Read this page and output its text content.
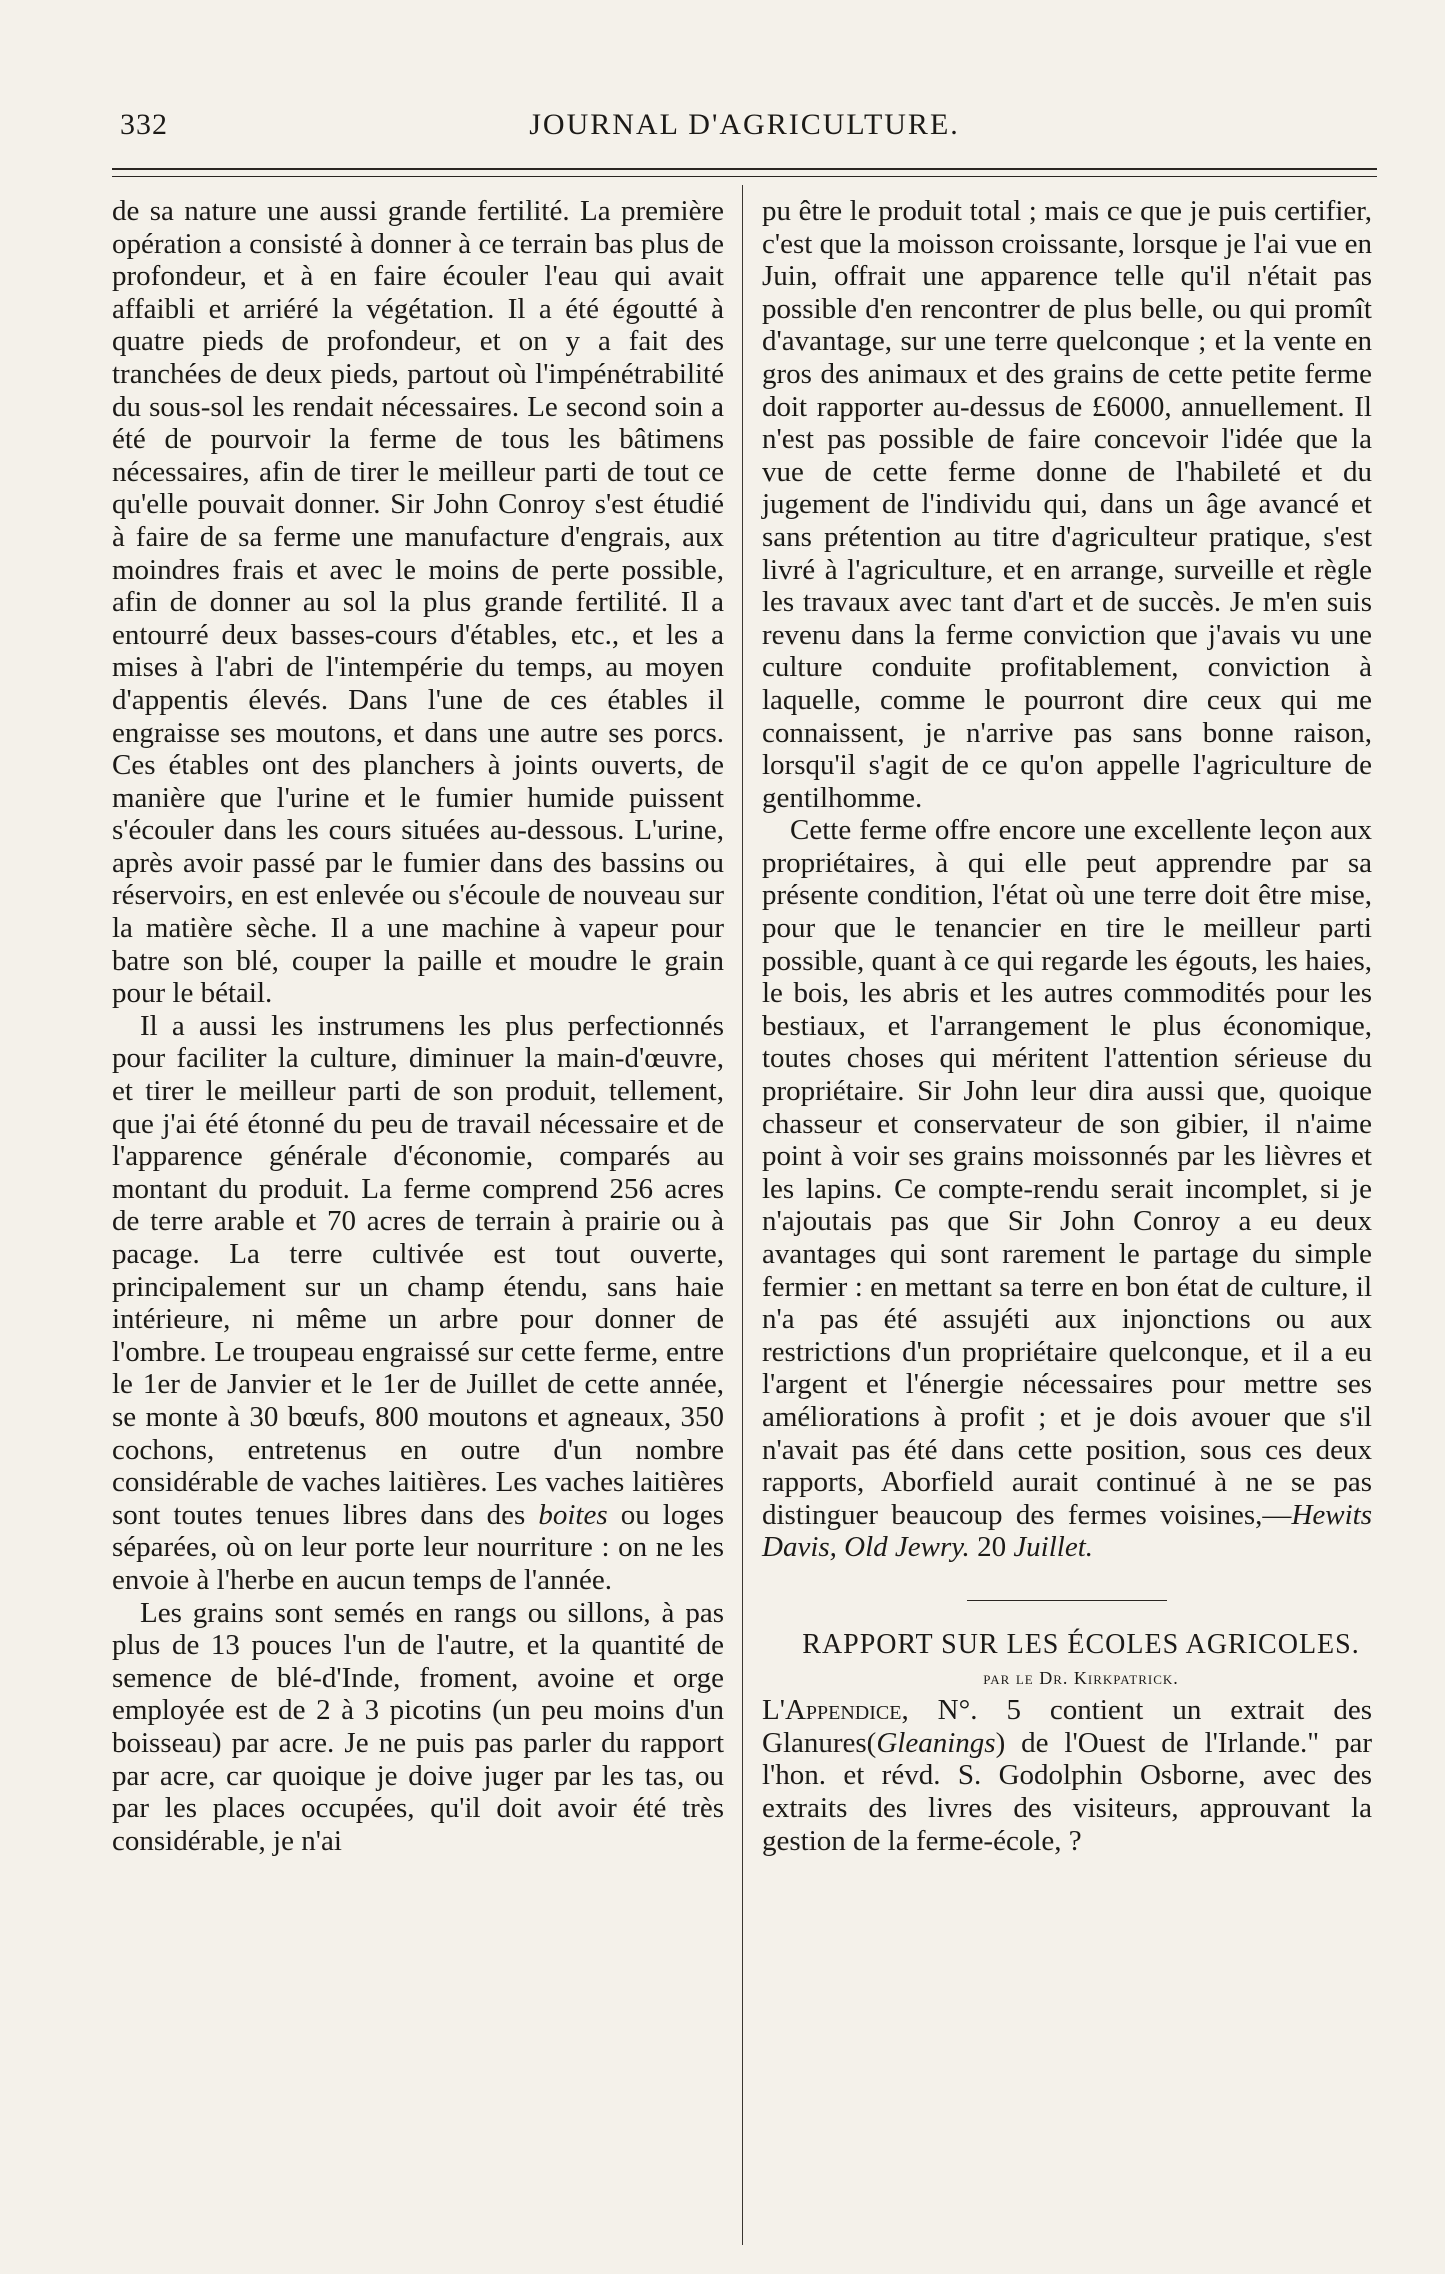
332	JOURNAL D'AGRICULTURE.

de sa nature une aussi grande fertilité. La première opération a consisté à donner à ce terrain bas plus de profondeur, et à en faire écouler l'eau qui avait affaibli et arriéré la végétation. Il a été égoutté à quatre pieds de profondeur, et on y a fait des tranchées de deux pieds, partout où l'impénétrabilité du sous-sol les rendait nécessaires. Le second soin a été de pourvoir la ferme de tous les bâtimens nécessaires, afin de tirer le meilleur parti de tout ce qu'elle pouvait donner. Sir John Conroy s'est étudié à faire de sa ferme une manufacture d'engrais, aux moindres frais et avec le moins de perte possible, afin de donner au sol la plus grande fertilité. Il a entourré deux basses-cours d'étables, etc., et les a mises à l'abri de l'intempérie du temps, au moyen d'appentis élevés. Dans l'une de ces étables il engraisse ses moutons, et dans une autre ses porcs. Ces étables ont des planchers à joints ouverts, de manière que l'urine et le fumier humide puissent s'écouler dans les cours situées au-dessous. L'urine, après avoir passé par le fumier dans des bassins ou réservoirs, en est enlevée ou s'écoule de nouveau sur la matière sèche. Il a une machine à vapeur pour batre son blé, couper la paille et moudre le grain pour le bétail.

Il a aussi les instrumens les plus perfectionnés pour faciliter la culture, diminuer la main-d'œuvre, et tirer le meilleur parti de son produit, tellement, que j'ai été étonné du peu de travail nécessaire et de l'apparence générale d'économie, comparés au montant du produit. La ferme comprend 256 acres de terre arable et 70 acres de terrain à prairie ou à pacage. La terre cultivée est tout ouverte, principalement sur un champ étendu, sans haie intérieure, ni même un arbre pour donner de l'ombre. Le troupeau engraissé sur cette ferme, entre le 1er de Janvier et le 1er de Juillet de cette année, se monte à 30 bœufs, 800 moutons et agneaux, 350 cochons, entretenus en outre d'un nombre considérable de vaches laitières. Les vaches laitières sont toutes tenues libres dans des boites ou loges séparées, où on leur porte leur nourriture : on ne les envoie à l'herbe en aucun temps de l'année.

Les grains sont semés en rangs ou sillons, à pas plus de 13 pouces l'un de l'autre, et la quantité de semence de blé-d'Inde, froment, avoine et orge employée est de 2 à 3 picotins (un peu moins d'un boisseau) par acre. Je ne puis pas parler du rapport par acre, car quoique je doive juger par les tas, ou par les places occupées, qu'il doit avoir été très considérable, je n'ai

pu être le produit total ; mais ce que je puis certifier, c'est que la moisson croissante, lorsque je l'ai vue en Juin, offrait une apparence telle qu'il n'était pas possible d'en rencontrer de plus belle, ou qui promît d'avantage, sur une terre quelconque ; et la vente en gros des animaux et des grains de cette petite ferme doit rapporter au-dessus de £6000, annuellement. Il n'est pas possible de faire concevoir l'idée que la vue de cette ferme donne de l'habileté et du jugement de l'individu qui, dans un âge avancé et sans prétention au titre d'agriculteur pratique, s'est livré à l'agriculture, et en arrange, surveille et règle les travaux avec tant d'art et de succès. Je m'en suis revenu dans la ferme conviction que j'avais vu une culture conduite profitablement, conviction à laquelle, comme le pourront dire ceux qui me connaissent, je n'arrive pas sans bonne raison, lorsqu'il s'agit de ce qu'on appelle l'agriculture de gentilhomme.

Cette ferme offre encore une excellente leçon aux propriétaires, à qui elle peut apprendre par sa présente condition, l'état où une terre doit être mise, pour que le tenancier en tire le meilleur parti possible, quant à ce qui regarde les égouts, les haies, le bois, les abris et les autres commodités pour les bestiaux, et l'arrangement le plus économique, toutes choses qui méritent l'attention sérieuse du propriétaire. Sir John leur dira aussi que, quoique chasseur et conservateur de son gibier, il n'aime point à voir ses grains moissonnés par les lièvres et les lapins. Ce compte-rendu serait incomplet, si je n'ajoutais pas que Sir John Conroy a eu deux avantages qui sont rarement le partage du simple fermier : en mettant sa terre en bon état de culture, il n'a pas été assujéti aux injonctions ou aux restrictions d'un propriétaire quelconque, et il a eu l'argent et l'énergie nécessaires pour mettre ses améliorations à profit ; et je dois avouer que s'il n'avait pas été dans cette position, sous ces deux rapports, Aborfield aurait continué à ne se pas distinguer beaucoup des fermes voisines,—Hewits Davis, Old Jewry. 20 Juillet.

RAPPORT SUR LES ÉCOLES AGRICOLES.

par le Dr. Kirkpatrick.

L'Appendice, N°. 5 contient un extrait des Glanures(Gleanings) de l'Ouest de l'Irlande." par l'hon. et révd. S. Godolphin Osborne, avec des extraits des livres des visiteurs, approuvant la gestion de la ferme-école, ?
